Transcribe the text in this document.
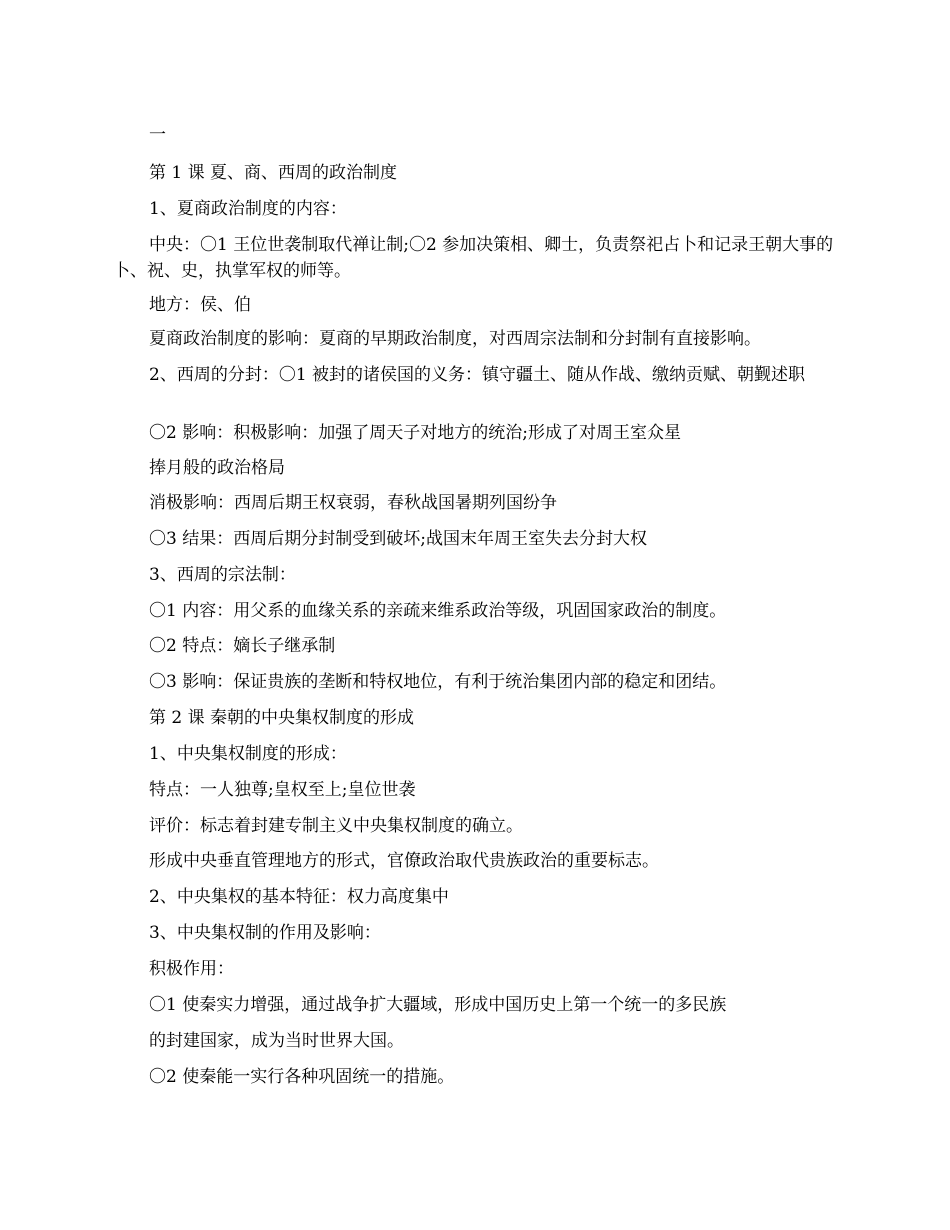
一
第 1 课 夏、商、西周的政治制度
1、夏商政治制度的内容：
中央：〇1 王位世袭制取代禅让制;〇2 参加决策相、卿士，负责祭祀占卜和记录王朝大事的卜、祝、史，执掌军权的师等。
地方：侯、伯
夏商政治制度的影响：夏商的早期政治制度，对西周宗法制和分封制有直接影响。
2、西周的分封：〇1 被封的诸侯国的义务：镇守疆土、随从作战、缴纳贡赋、朝觐述职
〇2 影响：积极影响：加强了周天子对地方的统治;形成了对周王室众星
捧月般的政治格局
消极影响：西周后期王权衰弱，春秋战国暑期列国纷争
〇3 结果：西周后期分封制受到破坏;战国末年周王室失去分封大权
3、西周的宗法制：
〇1 内容：用父系的血缘关系的亲疏来维系政治等级，巩固国家政治的制度。
〇2 特点：嫡长子继承制
〇3 影响：保证贵族的垄断和特权地位，有利于统治集团内部的稳定和团结。
第 2 课 秦朝的中央集权制度的形成
1、中央集权制度的形成：
特点：一人独尊;皇权至上;皇位世袭
评价：标志着封建专制主义中央集权制度的确立。
形成中央垂直管理地方的形式，官僚政治取代贵族政治的重要标志。
2、中央集权的基本特征：权力高度集中
3、中央集权制的作用及影响：
积极作用：
〇1 使秦实力增强，通过战争扩大疆域，形成中国历史上第一个统一的多民族
的封建国家，成为当时世界大国。
〇2 使秦能一实行各种巩固统一的措施。
